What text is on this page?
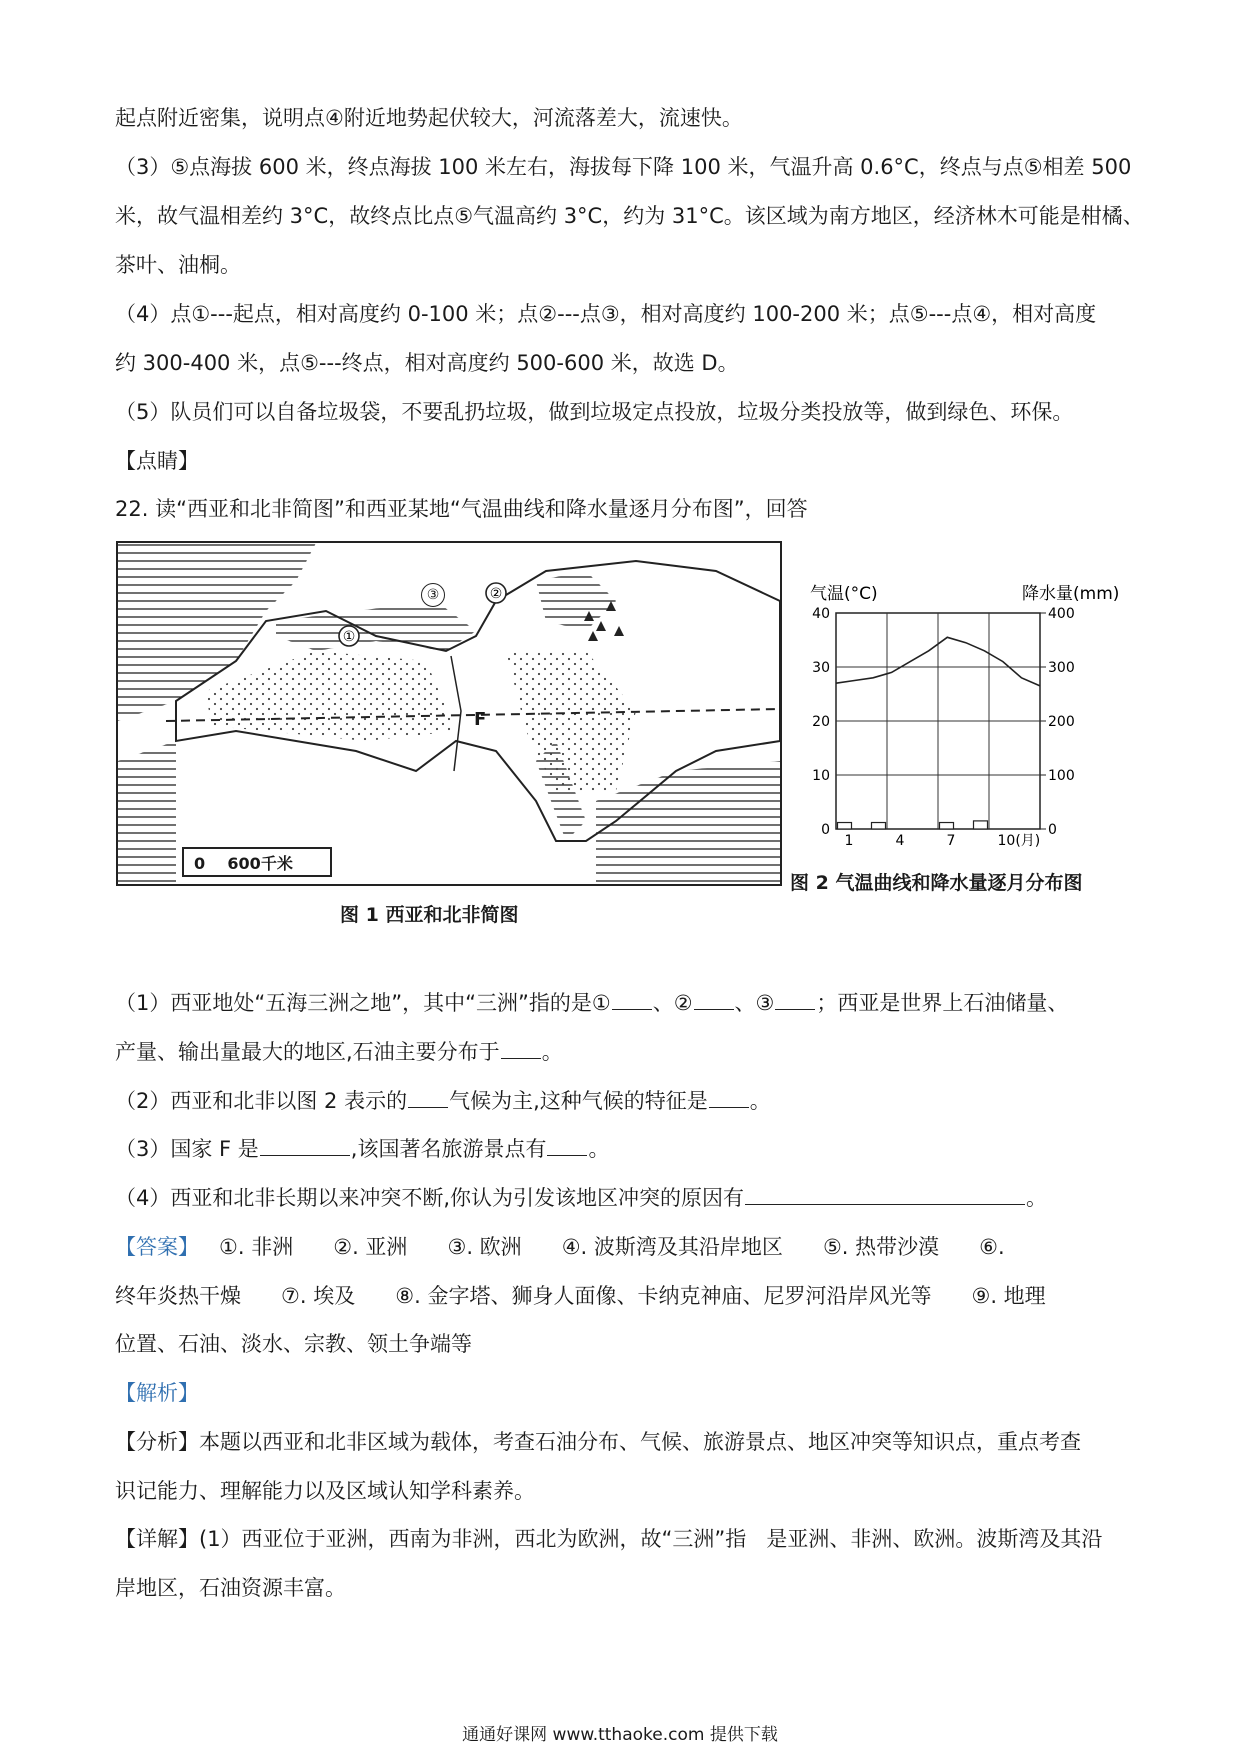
起点附近密集，说明点④附近地势起伏较大，河流落差大，流速快。
（3）⑤点海拔 600 米，终点海拔 100 米左右，海拔每下降 100 米，气温升高 0.6°C，终点与点⑤相差 500
米，故气温相差约 3°C，故终点比点⑤气温高约 3°C，约为 31°C。该区域为南方地区，经济林木可能是柑橘、
茶叶、油桐。
（4）点①---起点，相对高度约 0-100 米；点②---点③，相对高度约 100-200 米；点⑤---点④，相对高度
约 300-400 米，点⑤---终点，相对高度约 500-600 米，故选 D。
（5）队员们可以自备垃圾袋，不要乱扔垃圾，做到垃圾定点投放，垃圾分类投放等，做到绿色、环保。
【点睛】
22. 读“西亚和北非简图”和西亚某地“气温曲线和降水量逐月分布图”，回答
①
②
③
F
0    600千米
图 1 西亚和北非简图
气温(°C)	降水量(mm)
40
30
20
10
0
400
300
200
100
0
1	4	7	10(月)
图 2 气温曲线和降水量逐月分布图
（1）西亚地处“五海三洲之地”，其中“三洲”指的是① 、② 、③ ；西亚是世界上石油储量、
产量、输出量最大的地区,石油主要分布于 。
（2）西亚和北非以图 2 表示的 气候为主,这种气候的特征是 。
（3）国家 F 是	,该国著名旅游景点有 。
（4）西亚和北非长期以来冲突不断,你认为引发该地区冲突的原因有	。
【答案】 ①. 非洲      ②. 亚洲      ③. 欧洲      ④. 波斯湾及其沿岸地区      ⑤. 热带沙漠      ⑥.
终年炎热干燥      ⑦. 埃及      ⑧. 金字塔、狮身人面像、卡纳克神庙、尼罗河沿岸风光等      ⑨. 地理
位置、石油、淡水、宗教、领土争端等
【解析】
【分析】本题以西亚和北非区域为载体，考查石油分布、气候、旅游景点、地区冲突等知识点，重点考查
识记能力、理解能力以及区域认知学科素养。
【详解】(1）西亚位于亚洲，西南为非洲，西北为欧洲，故“三洲”指   是亚洲、非洲、欧洲。波斯湾及其沿
岸地区，石油资源丰富。
通通好课网 www.tthaoke.com 提供下载
